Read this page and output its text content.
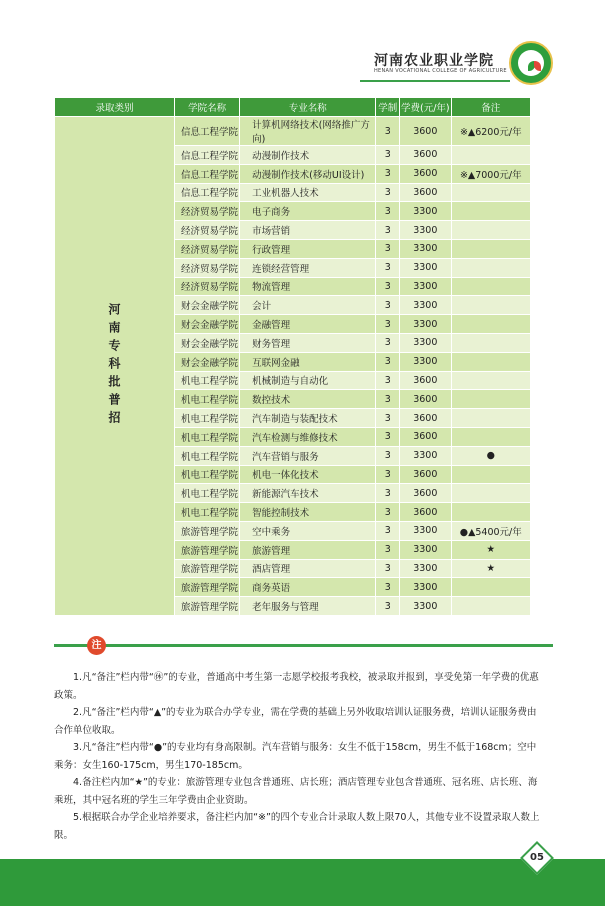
河南农业职业学院
HENAN VOCATIONAL COLLEGE OF AGRICULTURE
录取类别	学院名称	专业名称	学制	学费(元/年)	备注
河南专科批普招	信息工程学院	计算机网络技术(网络推广方向)	3	3600	※▲6200元/年
	信息工程学院	动漫制作技术	3	3600	
	信息工程学院	动漫制作技术(移动UI设计)	3	3600	※▲7000元/年
	信息工程学院	工业机器人技术	3	3600	
	经济贸易学院	电子商务	3	3300	
	经济贸易学院	市场营销	3	3300	
	经济贸易学院	行政管理	3	3300	
	经济贸易学院	连锁经营管理	3	3300	
	经济贸易学院	物流管理	3	3300	
	财会金融学院	会计	3	3300	
	财会金融学院	金融管理	3	3300	
	财会金融学院	财务管理	3	3300	
	财会金融学院	互联网金融	3	3300	
	机电工程学院	机械制造与自动化	3	3600	
	机电工程学院	数控技术	3	3600	
	机电工程学院	汽车制造与装配技术	3	3600	
	机电工程学院	汽车检测与维修技术	3	3600	
	机电工程学院	汽车营销与服务	3	3300	●
	机电工程学院	机电一体化技术	3	3600	
	机电工程学院	新能源汽车技术	3	3600	
	机电工程学院	智能控制技术	3	3600	
	旅游管理学院	空中乘务	3	3300	●▲5400元/年
	旅游管理学院	旅游管理	3	3300	★
	旅游管理学院	酒店管理	3	3300	★
	旅游管理学院	商务英语	3	3300	
	旅游管理学院	老年服务与管理	3	3300	
注

1.凡“备注”栏内带“㊡”的专业，普通高中考生第一志愿学校报考我校，被录取并报到，享受免第一年学费的优惠政策。

2.凡“备注”栏内带“▲”的专业为联合办学专业，需在学费的基础上另外收取培训认证服务费，培训认证服务费由合作单位收取。

3.凡“备注”栏内带“●”的专业均有身高限制。汽车营销与服务：女生不低于158cm，男生不低于168cm；空中乘务：女生160-175cm，男生170-185cm。

4.备注栏内加“★”的专业：旅游管理专业包含普通班、店长班；酒店管理专业包含普通班、冠名班、店长班、海乘班，其中冠名班的学生三年学费由企业资助。

5.根据联合办学企业培养要求，备注栏内加“※”的四个专业合计录取人数上限70人，其他专业不设置录取人数上限。

05
